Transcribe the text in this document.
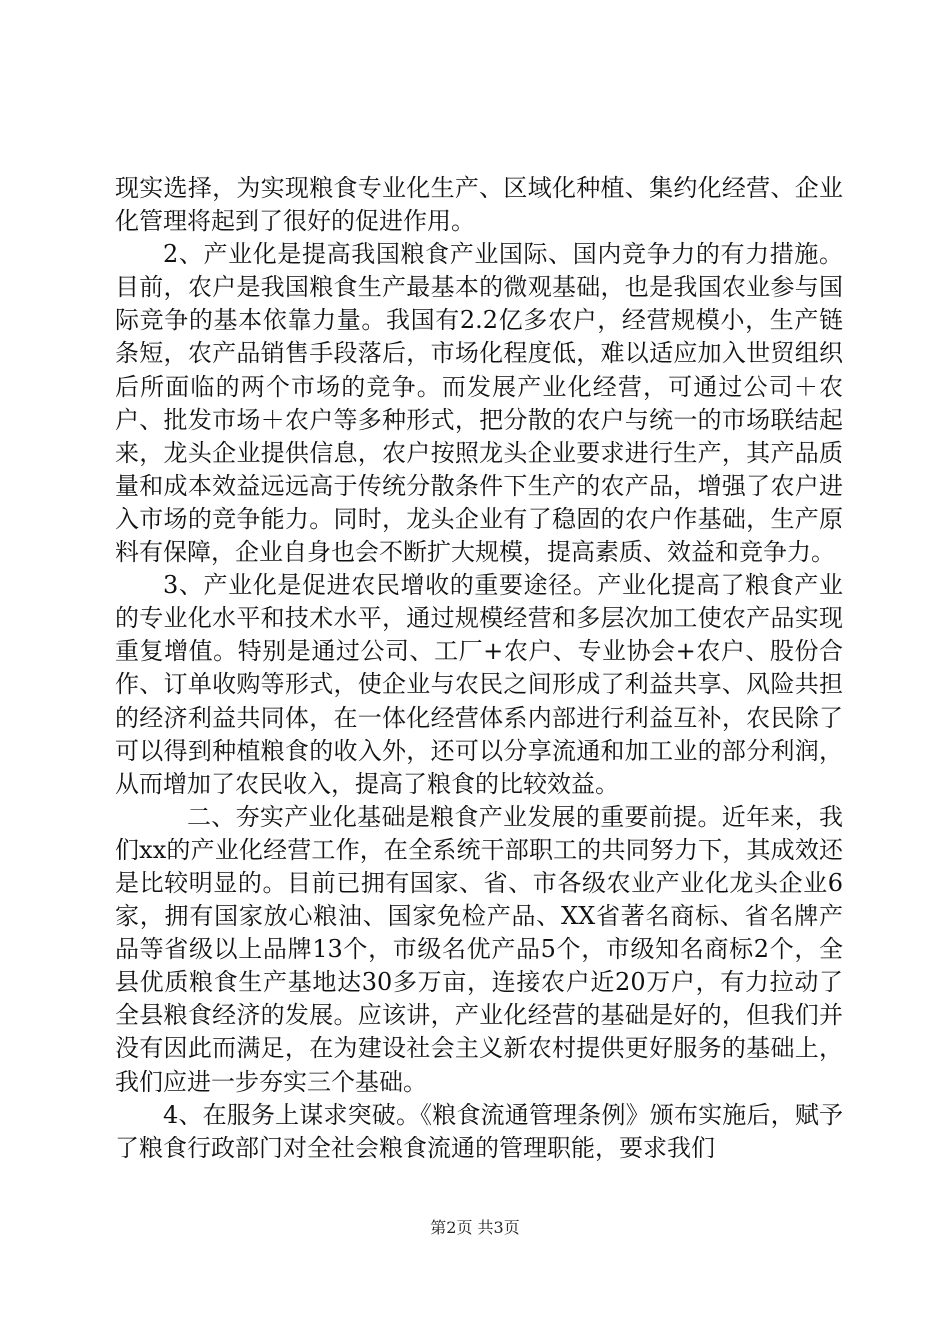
现实选择，为实现粮食专业化生产、区域化种植、集约化经营、企业化管理将起到了很好的促进作用。

2、产业化是提高我国粮食产业国际、国内竞争力的有力措施。目前，农户是我国粮食生产最基本的微观基础，也是我国农业参与国际竞争的基本依靠力量。我国有2.2亿多农户，经营规模小，生产链条短，农产品销售手段落后，市场化程度低，难以适应加入世贸组织后所面临的两个市场的竞争。而发展产业化经营，可通过公司＋农户、批发市场＋农户等多种形式，把分散的农户与统一的市场联结起来，龙头企业提供信息，农户按照龙头企业要求进行生产，其产品质量和成本效益远远高于传统分散条件下生产的农产品，增强了农户进入市场的竞争能力。同时，龙头企业有了稳固的农户作基础，生产原料有保障，企业自身也会不断扩大规模，提高素质、效益和竞争力。

3、产业化是促进农民增收的重要途径。产业化提高了粮食产业的专业化水平和技术水平，通过规模经营和多层次加工使农产品实现重复增值。特别是通过公司、工厂+农户、专业协会+农户、股份合作、订单收购等形式，使企业与农民之间形成了利益共享、风险共担的经济利益共同体，在一体化经营体系内部进行利益互补，农民除了可以得到种植粮食的收入外，还可以分享流通和加工业的部分利润，从而增加了农民收入，提高了粮食的比较效益。

二、夯实产业化基础是粮食产业发展的重要前提。近年来，我们xx的产业化经营工作，在全系统干部职工的共同努力下，其成效还是比较明显的。目前已拥有国家、省、市各级农业产业化龙头企业6家，拥有国家放心粮油、国家免检产品、XX省著名商标、省名牌产品等省级以上品牌13个，市级名优产品5个，市级知名商标2个，全县优质粮食生产基地达30多万亩，连接农户近20万户，有力拉动了全县粮食经济的发展。应该讲，产业化经营的基础是好的，但我们并没有因此而满足，在为建设社会主义新农村提供更好服务的基础上，我们应进一步夯实三个基础。

4、在服务上谋求突破。《粮食流通管理条例》颁布实施后，赋予了粮食行政部门对全社会粮食流通的管理职能，要求我们

第2页 共3页
